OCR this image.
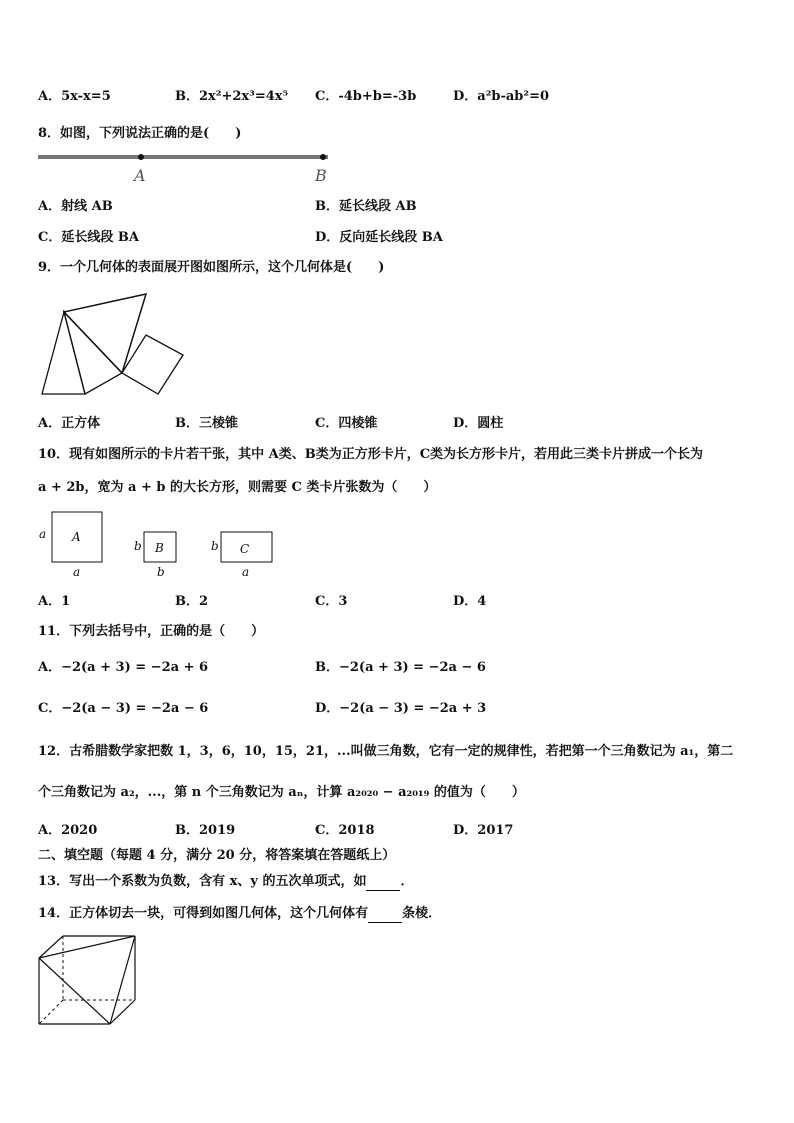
A．5x-x=5	B．2x²+2x³=4x⁵ C．-4b+b=-3b	D．a²b-ab²=0
8．如图，下列说法正确的是(　　)
A	B
A．射线 AB	B．延长线段 AB
C．延长线段 BA	D．反向延长线段 BA
9．一个几何体的表面展开图如图所示，这个几何体是(　　)
A．正方体	B．三棱锥	C．四棱锥	D．圆柱
10．现有如图所示的卡片若干张，其中 A类、B类为正方形卡片，C类为长方形卡片，若用此三类卡片拼成一个长为
a + 2b，宽为 a + b 的大长方形，则需要 C 类卡片张数为（　　）
A
a
a
B
b
b
C
b
a
A．1	B．2	C．3	D．4
11．下列去括号中，正确的是（　　）
A．−2(a + 3) = −2a + 6	B．−2(a + 3) = −2a − 6
C．−2(a − 3) = −2a − 6	D．−2(a − 3) = −2a + 3
12．古希腊数学家把数 1，3，6，10，15，21，...叫做三角数，它有一定的规律性，若把第一个三角数记为 a₁，第二
个三角数记为 a₂，...，第 n 个三角数记为 aₙ，计算 a₂₀₂₀ − a₂₀₁₉ 的值为（　　）
A．2020	B．2019	C．2018	D．2017
二、填空题（每题 4 分，满分 20 分，将答案填在答题纸上）
13．写出一个系数为负数，含有 x、y 的五次单项式，如	．
14．正方体切去一块，可得到如图几何体，这个几何体有	条棱．
